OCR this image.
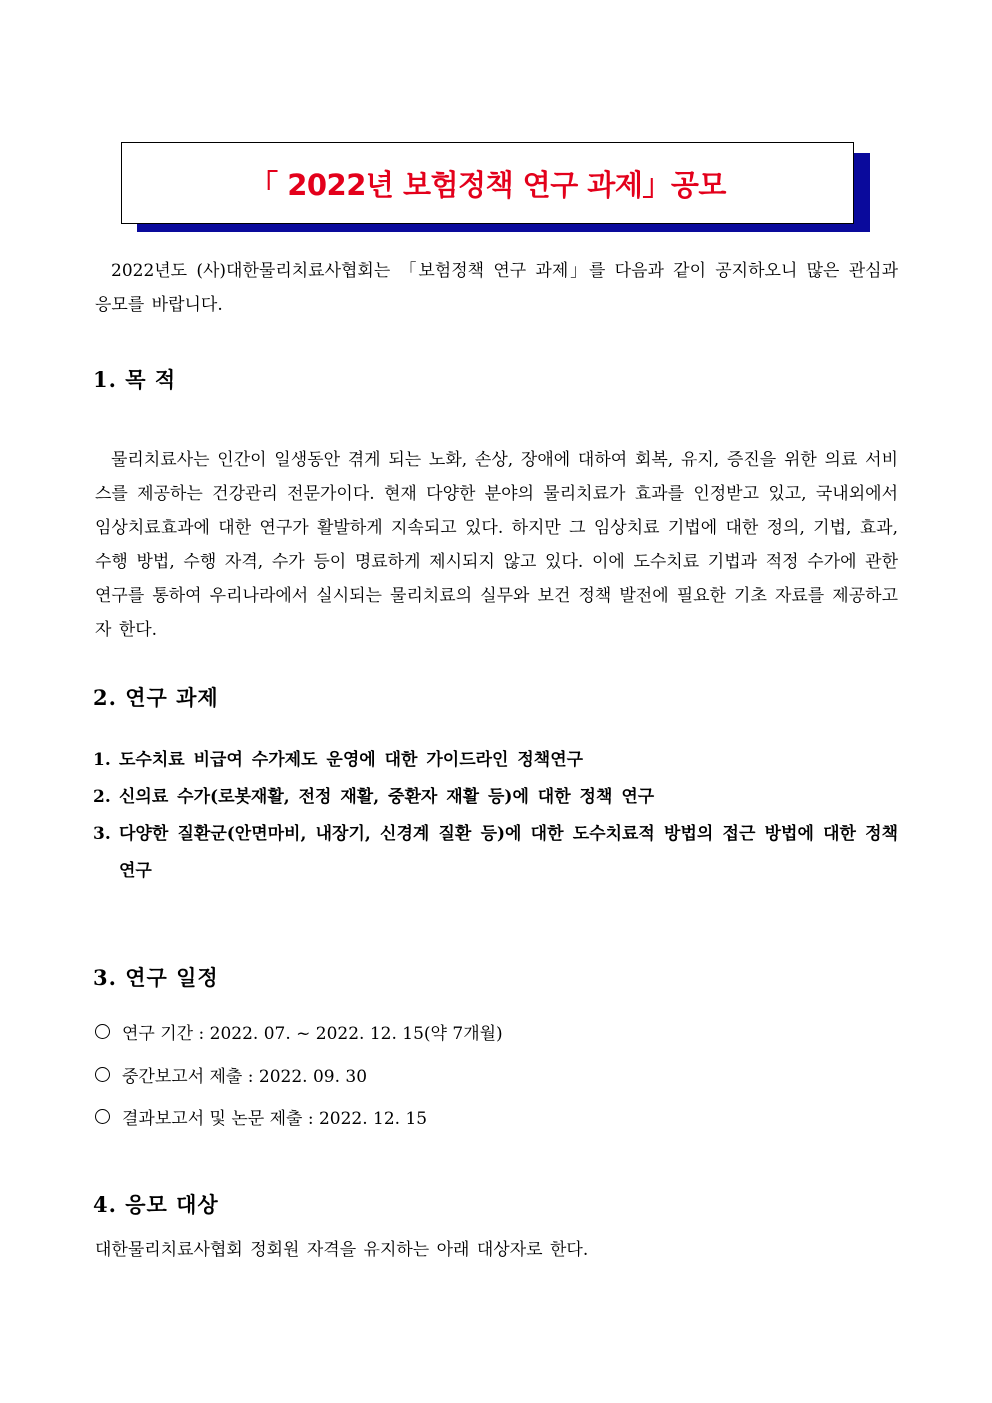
「 2022년 보험정책 연구 과제」공모

2022년도 (사)대한물리치료사협회는 「보험정책 연구 과제」를 다음과 같이 공지하오니 많은 관심과 응모를 바랍니다.

1. 목 적

물리치료사는 인간이 일생동안 겪게 되는 노화, 손상, 장애에 대하여 회복, 유지, 증진을 위한 의료 서비스를 제공하는 건강관리 전문가이다. 현재 다양한 분야의 물리치료가 효과를 인정받고 있고, 국내외에서 임상치료효과에 대한 연구가 활발하게 지속되고 있다. 하지만 그 임상치료 기법에 대한 정의, 기법, 효과, 수행 방법, 수행 자격, 수가 등이 명료하게 제시되지 않고 있다. 이에 도수치료 기법과 적정 수가에 관한 연구를 통하여 우리나라에서 실시되는 물리치료의 실무와 보건 정책 발전에 필요한 기초 자료를 제공하고자 한다.

2. 연구 과제
1. 도수치료 비급여 수가제도 운영에 대한 가이드라인 정책연구
2. 신의료 수가(로봇재활, 전정 재활, 중환자 재활 등)에 대한 정책 연구
3. 다양한 질환군(안면마비, 내장기, 신경계 질환 등)에 대한 도수치료적 방법의 접근 방법에 대한 정책 연구
3. 연구 일정
연구 기간 : 2022. 07. ~ 2022. 12. 15(약 7개월)
중간보고서 제출 : 2022. 09. 30
결과보고서 및 논문 제출 : 2022. 12. 15
4. 응모 대상

대한물리치료사협회 정회원 자격을 유지하는 아래 대상자로 한다.
